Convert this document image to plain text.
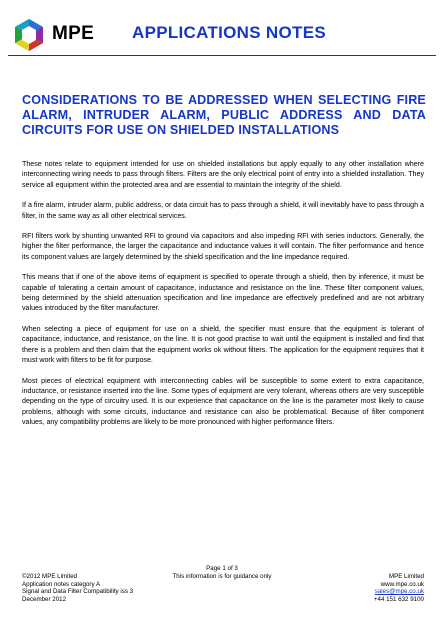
MPE APPLICATIONS NOTES
CONSIDERATIONS TO BE ADDRESSED WHEN SELECTING FIRE ALARM, INTRUDER ALARM, PUBLIC ADDRESS AND DATA CIRCUITS FOR USE ON SHIELDED INSTALLATIONS

These notes relate to equipment intended for use on shielded installations but apply equally to any other installation where interconnecting wiring needs to pass through filters. Filters are the only electrical point of entry into a shielded installation. They service all equipment within the protected area and are essential to maintain the integrity of the shield.

If a fire alarm, intruder alarm, public address, or data circuit has to pass through a shield, it will inevitably have to pass through a filter, in the same way as all other electrical services.

RFI filters work by shunting unwanted RFI to ground via capacitors and also impeding RFI with series inductors. Generally, the higher the filter performance, the larger the capacitance and inductance values it will contain. The filter performance and hence its component values are largely determined by the shield specification and the line impedance required.

This means that if one of the above items of equipment is specified to operate through a shield, then by inference, it must be capable of tolerating a certain amount of capacitance, inductance and resistance on the line. These filter component values, being determined by the shield attenuation specification and line impedance are effectively predefined and are not arbitrary values introduced by the filter manufacturer.

When selecting a piece of equipment for use on a shield, the specifier must ensure that the equipment is tolerant of capacitance, inductance, and resistance, on the line. It is not good practise to wait until the equipment is installed and find that there is a problem and then claim that the equipment works ok without filters. The application for the equipment requires that it must work with filters to be fit for purpose.

Most pieces of electrical equipment with interconnecting cables will be susceptible to some extent to extra capacitance, inductance, or resistance inserted into the line. Some types of equipment are very tolerant, whereas others are very susceptible depending on the type of circuitry used. It is our experience that capacitance on the line is the parameter most likely to cause problems, although with some circuits, inductance and resistance can also be problematical. Because of filter component values, any compatibility problems are likely to be more pronounced with higher performance filters.

©2012 MPE Limited
Application notes category A
Signal and Data Filter Compatibility iss 3
December 2012
Page 1 of 3
This information is for guidance only	MPE Limited
www.mpe.co.uk
sales@mpe.co.uk
+44 151 632 9100
